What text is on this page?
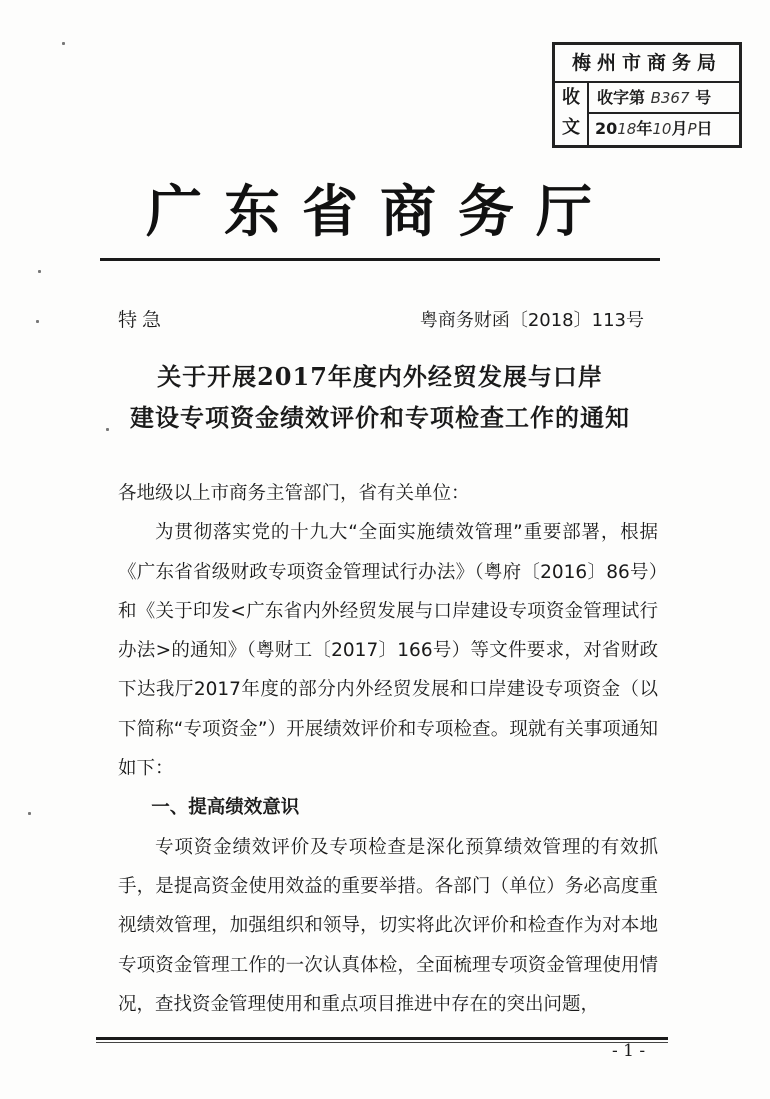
梅州市商务局
收
文
收字第 B367 号
2018年10月P日
广东省商务厅
特急	粤商务财函〔2018〕113号
关于开展2017年度内外经贸发展与口岸
建设专项资金绩效评价和专项检查工作的通知

各地级以上市商务主管部门，省有关单位：

为贯彻落实党的十九大“全面实施绩效管理”重要部署，根据《广东省省级财政专项资金管理试行办法》（粤府〔2016〕86号）和《关于印发<广东省内外经贸发展与口岸建设专项资金管理试行办法>的通知》（粤财工〔2017〕166号）等文件要求，对省财政下达我厅2017年度的部分内外经贸发展和口岸建设专项资金（以下简称“专项资金”）开展绩效评价和专项检查。现就有关事项通知如下：

一、提高绩效意识

专项资金绩效评价及专项检查是深化预算绩效管理的有效抓手，是提高资金使用效益的重要举措。各部门（单位）务必高度重视绩效管理，加强组织和领导，切实将此次评价和检查作为对本地专项资金管理工作的一次认真体检，全面梳理专项资金管理使用情况，查找资金管理使用和重点项目推进中存在的突出问题，

- 1 -
